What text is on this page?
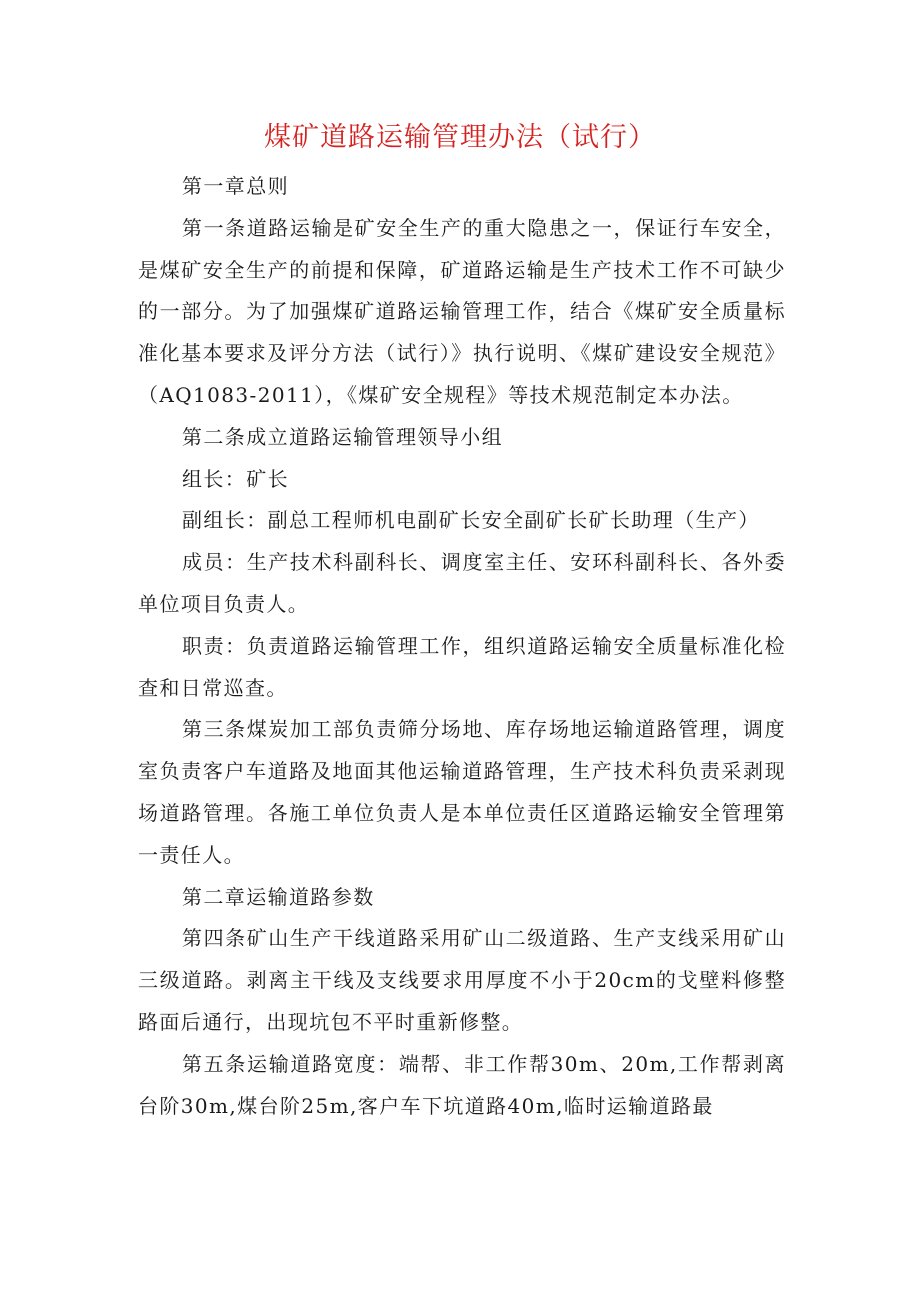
煤矿道路运输管理办法（试行）

第一章总则

第一条道路运输是矿安全生产的重大隐患之一，保证行车安全，是煤矿安全生产的前提和保障，矿道路运输是生产技术工作不可缺少的一部分。为了加强煤矿道路运输管理工作，结合《煤矿安全质量标准化基本要求及评分方法（试行）》执行说明、《煤矿建设安全规范》（AQ1083-2011），《煤矿安全规程》等技术规范制定本办法。

第二条成立道路运输管理领导小组

组长：矿长

副组长：副总工程师机电副矿长安全副矿长矿长助理（生产）

成员：生产技术科副科长、调度室主任、安环科副科长、各外委单位项目负责人。

职责：负责道路运输管理工作，组织道路运输安全质量标准化检查和日常巡查。

第三条煤炭加工部负责筛分场地、库存场地运输道路管理，调度室负责客户车道路及地面其他运输道路管理，生产技术科负责采剥现场道路管理。各施工单位负责人是本单位责任区道路运输安全管理第一责任人。

第二章运输道路参数

第四条矿山生产干线道路采用矿山二级道路、生产支线采用矿山三级道路。剥离主干线及支线要求用厚度不小于20cm的戈壁料修整路面后通行，出现坑包不平时重新修整。

第五条运输道路宽度：端帮、非工作帮30m、20m,工作帮剥离台阶30m,煤台阶25m,客户车下坑道路40m,临时运输道路最
